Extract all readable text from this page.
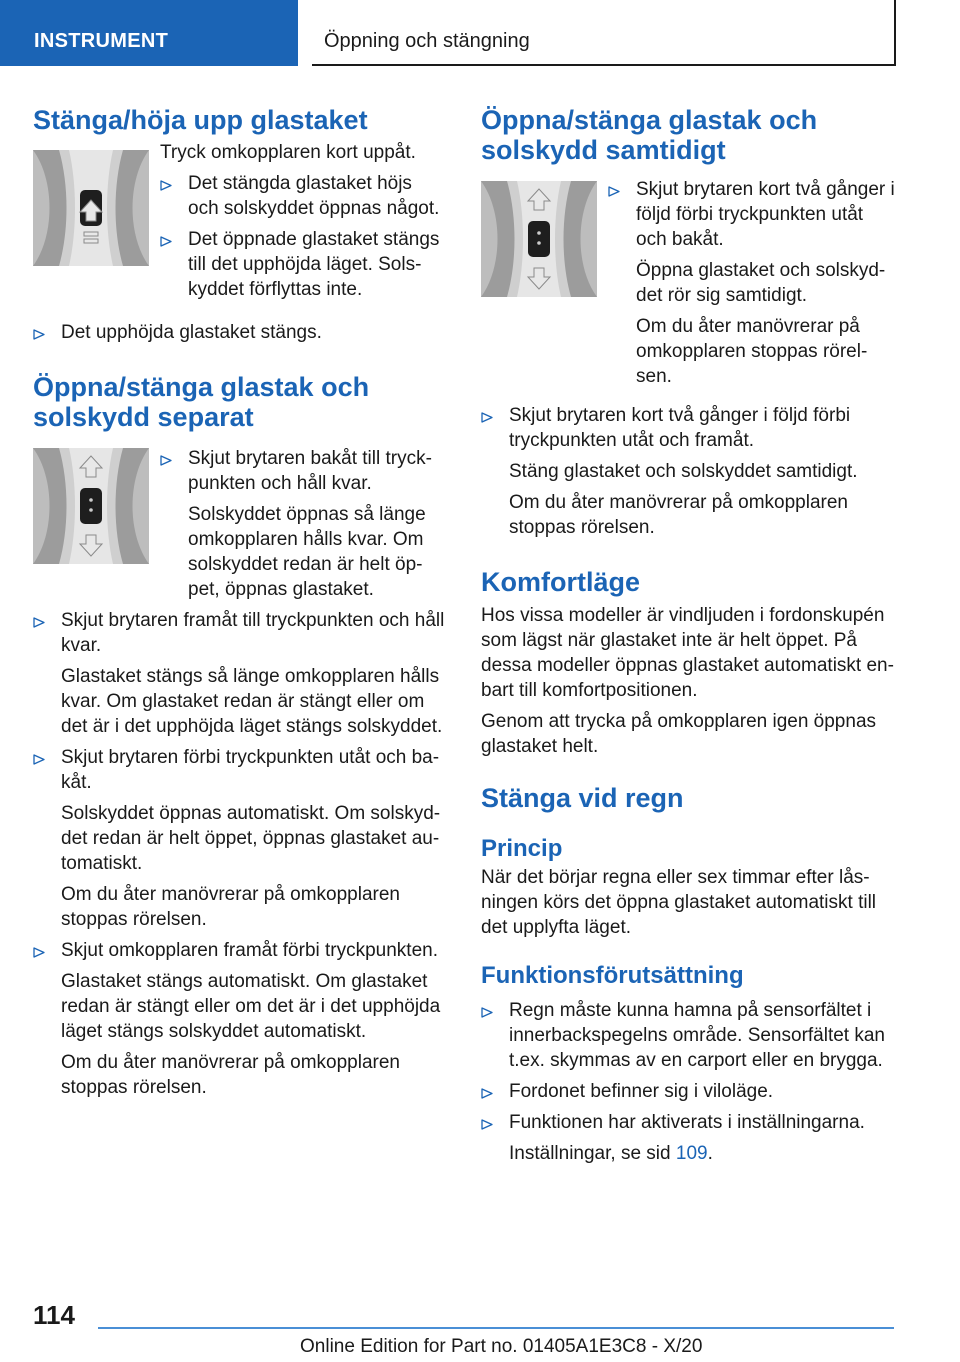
INSTRUMENT	Öppning och stängning
Stänga/höja upp glastaket

Tryck omkopplaren kort uppåt.

Det stängda glastaket höjs

och solskyddet öppnas något.

Det öppnade glastaket stängs

till det upphöjda läget. Sols-

kyddet förflyttas inte.

Det upphöjda glastaket stängs.

Öppna/stänga glastak och
solskydd separat

Skjut brytaren bakåt till tryck-

punkten och håll kvar.

Solskyddet öppnas så länge

omkopplaren hålls kvar. Om

solskyddet redan är helt öp-

pet, öppnas glastaket.

Skjut brytaren framåt till tryckpunkten och håll

kvar.

Glastaket stängs så länge omkopplaren hålls

kvar. Om glastaket redan är stängt eller om

det är i det upphöjda läget stängs solskyddet.

Skjut brytaren förbi tryckpunkten utåt och ba-

kåt.

Solskyddet öppnas automatiskt. Om solskyd-

det redan är helt öppet, öppnas glastaket au-

tomatiskt.

Om du åter manövrerar på omkopplaren

stoppas rörelsen.

Skjut omkopplaren framåt förbi tryckpunkten.

Glastaket stängs automatiskt. Om glastaket

redan är stängt eller om det är i det upphöjda

läget stängs solskyddet automatiskt.

Om du åter manövrerar på omkopplaren

stoppas rörelsen.

Öppna/stänga glastak och
solskydd samtidigt

Skjut brytaren kort två gånger i

följd förbi tryckpunkten utåt

och bakåt.

Öppna glastaket och solskyd-

det rör sig samtidigt.

Om du åter manövrerar på

omkopplaren stoppas rörel-

sen.

Skjut brytaren kort två gånger i följd förbi

tryckpunkten utåt och framåt.

Stäng glastaket och solskyddet samtidigt.

Om du åter manövrerar på omkopplaren

stoppas rörelsen.

Komfortläge

Hos vissa modeller är vindljuden i fordonskupén

som lägst när glastaket inte är helt öppet. På

dessa modeller öppnas glastaket automatiskt en-

bart till komfortpositionen.

Genom att trycka på omkopplaren igen öppnas

glastaket helt.

Stänga vid regn
Princip

När det börjar regna eller sex timmar efter lås-

ningen körs det öppna glastaket automatiskt till

det upplyfta läget.

Funktionsförutsättning

Regn måste kunna hamna på sensorfältet i

innerbackspegelns område. Sensorfältet kan

t.ex. skymmas av en carport eller en brygga.

Fordonet befinner sig i viloläge.

Funktionen har aktiverats i inställningarna.

Inställningar, se sid 109.

114
Online Edition for Part no. 01405A1E3C8 - X/20
